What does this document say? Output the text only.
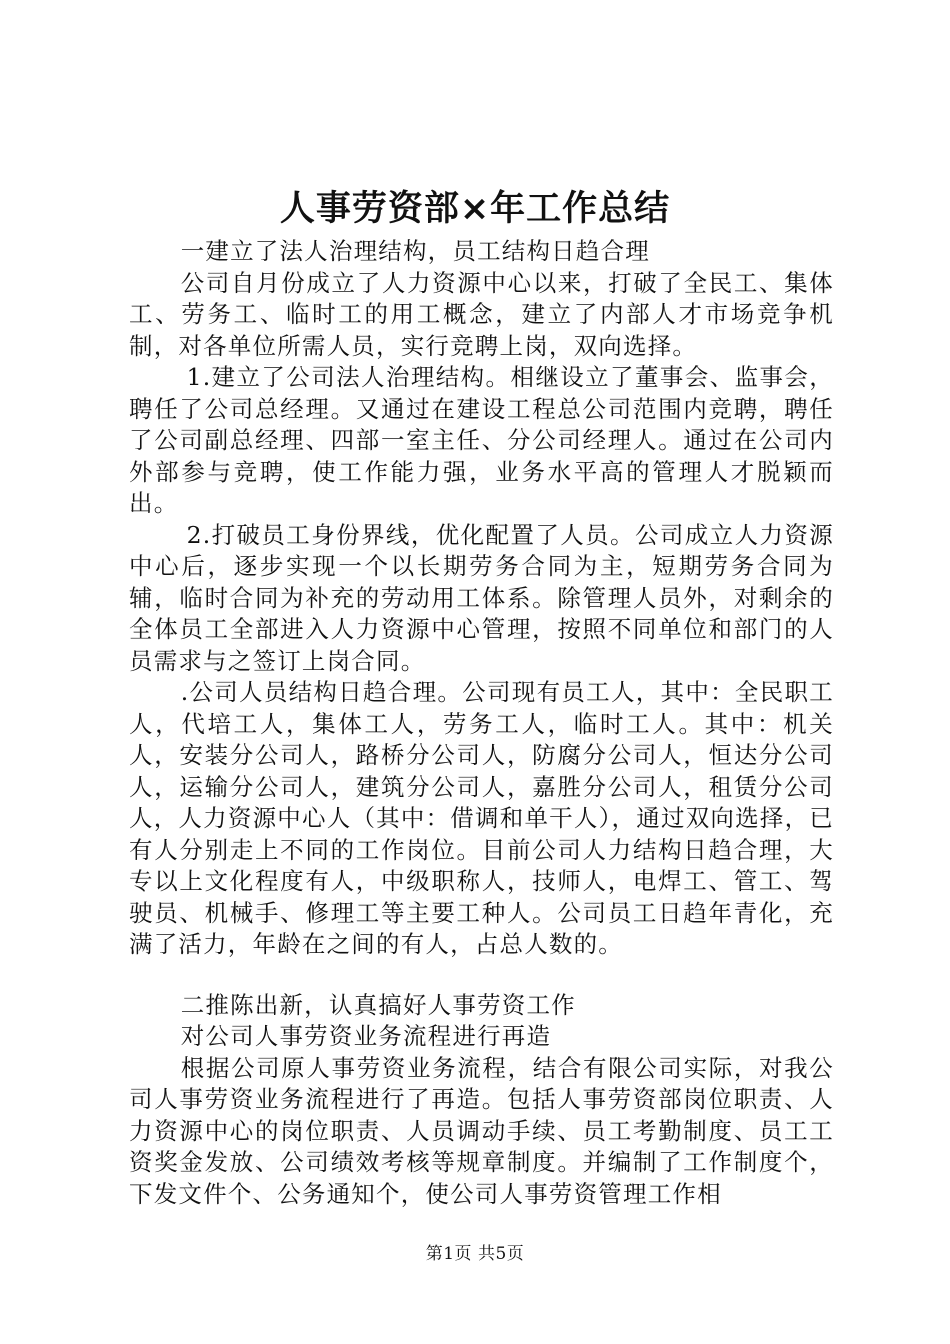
人事劳资部×年工作总结

一建立了法人治理结构，员工结构日趋合理

公司自月份成立了人力资源中心以来，打破了全民工、集体工、劳务工、临时工的用工概念，建立了内部人才市场竞争机制，对各单位所需人员，实行竞聘上岗，双向选择。

1.建立了公司法人治理结构。相继设立了董事会、监事会，聘任了公司总经理。又通过在建设工程总公司范围内竞聘，聘任了公司副总经理、四部一室主任、分公司经理人。通过在公司内外部参与竞聘，使工作能力强，业务水平高的管理人才脱颖而出。

2.打破员工身份界线，优化配置了人员。公司成立人力资源中心后，逐步实现一个以长期劳务合同为主，短期劳务合同为辅，临时合同为补充的劳动用工体系。除管理人员外，对剩余的全体员工全部进入人力资源中心管理，按照不同单位和部门的人员需求与之签订上岗合同。

.公司人员结构日趋合理。公司现有员工人，其中：全民职工人，代培工人，集体工人，劳务工人，临时工人。其中：机关人，安装分公司人，路桥分公司人，防腐分公司人，恒达分公司人，运输分公司人，建筑分公司人，嘉胜分公司人，租赁分公司人，人力资源中心人（其中：借调和单干人），通过双向选择，已有人分别走上不同的工作岗位。目前公司人力结构日趋合理，大专以上文化程度有人，中级职称人，技师人，电焊工、管工、驾驶员、机械手、修理工等主要工种人。公司员工日趋年青化，充满了活力，年龄在之间的有人，占总人数的。

二推陈出新，认真搞好人事劳资工作

对公司人事劳资业务流程进行再造

根据公司原人事劳资业务流程，结合有限公司实际，对我公司人事劳资业务流程进行了再造。包括人事劳资部岗位职责、人力资源中心的岗位职责、人员调动手续、员工考勤制度、员工工资奖金发放、公司绩效考核等规章制度。并编制了工作制度个，下发文件个、公务通知个，使公司人事劳资管理工作相

第1页 共5页
